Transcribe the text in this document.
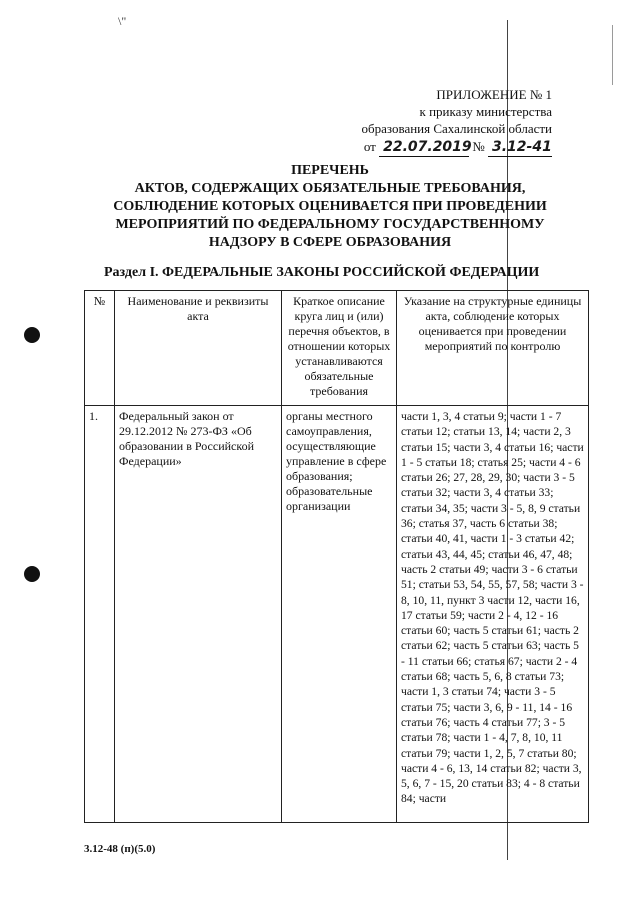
\"
ПРИЛОЖЕНИЕ № 1
к приказу министерства
образования Сахалинской области
от 22.07.2019 № 3.12-41
ПЕРЕЧЕНЬ
АКТОВ, СОДЕРЖАЩИХ ОБЯЗАТЕЛЬНЫЕ ТРЕБОВАНИЯ,
СОБЛЮДЕНИЕ КОТОРЫХ ОЦЕНИВАЕТСЯ ПРИ ПРОВЕДЕНИИ
МЕРОПРИЯТИЙ ПО ФЕДЕРАЛЬНОМУ ГОСУДАРСТВЕННОМУ
НАДЗОРУ В СФЕРЕ ОБРАЗОВАНИЯ
Раздел I. ФЕДЕРАЛЬНЫЕ ЗАКОНЫ РОССИЙСКОЙ ФЕДЕРАЦИИ
№	Наименование и реквизиты акта	Краткое описание круга лиц и (или) перечня объектов, в отношении которых устанавливаются обязательные требования	Указание на структурные единицы акта, соблюдение которых оценивается при проведении мероприятий по контролю
1.	Федеральный закон от 29.12.2012 № 273-ФЗ «Об образовании в Российской Федерации»	органы местного самоуправления, осуществляющие управление в сфере образования; образовательные организации	части 1, 3, 4 статьи 9; части 1 - 7 статьи 12; статьи 13, 14; части 2, 3 статьи 15; части 3, 4 статьи 16; части 1 - 5 статьи 18; статья 25; части 4 - 6 статьи 26; 27, 28, 29, 30; части 3 - 5 статьи 32; части 3, 4 статьи 33; статьи 34, 35; части 3 - 5, 8, 9 статьи 36; статья 37, часть 6 статьи 38; статьи 40, 41, части 1 - 3 статьи 42; статьи 43, 44, 45; статьи 46, 47, 48; часть 2 статьи 49; части 3 - 6 статьи 51; статьи 53, 54, 55, 57, 58; части 3 - 8, 10, 11, пункт 3 части 12, части 16, 17 статьи 59; части 2 - 4, 12 - 16 статьи 60; часть 5 статьи 61; часть 2 статьи 62; часть 5 статьи 63; часть 5 - 11 статьи 66; статья 67; части 2 - 4 статьи 68; часть 5, 6, 8 статьи 73; части 1, 3 статьи 74; части 3 - 5 статьи 75; части 3, 6, 9 - 11, 14 - 16 статьи 76; часть 4 статьи 77; 3 - 5 статьи 78; части 1 - 4, 7, 8, 10, 11 статьи 79; части 1, 2, 5, 7 статьи 80; части 4 - 6, 13, 14 статьи 82; части 3, 5, 6, 7 - 15, 20 статьи 83; 4 - 8 статьи 84; части
3.12-48 (п)(5.0)
